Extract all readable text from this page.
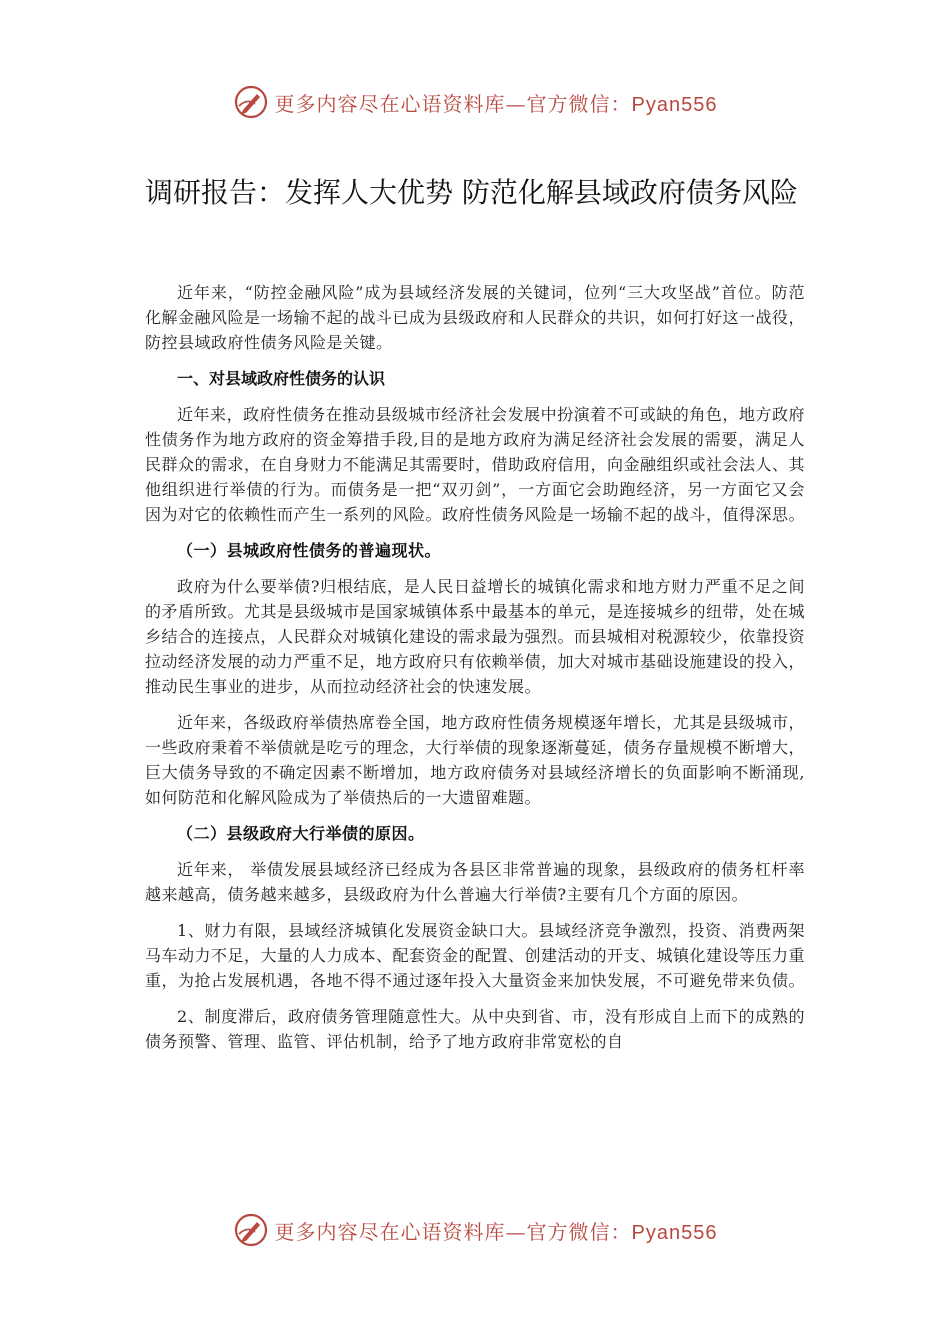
更多内容尽在心语资料库—官方微信：Pyan556
调研报告：发挥人大优势 防范化解县域政府债务风险

近年来，“防控金融风险”成为县域经济发展的关键词，位列“三大攻坚战”首位。防范化解金融风险是一场输不起的战斗已成为县级政府和人民群众的共识，如何打好这一战役，防控县域政府性债务风险是关键。

一、对县域政府性债务的认识

近年来，政府性债务在推动县级城市经济社会发展中扮演着不可或缺的角色，地方政府性债务作为地方政府的资金筹措手段,目的是地方政府为满足经济社会发展的需要，满足人民群众的需求，在自身财力不能满足其需要时，借助政府信用，向金融组织或社会法人、其他组织进行举债的行为。而债务是一把“双刃剑”，一方面它会助跑经济，另一方面它又会因为对它的依赖性而产生一系列的风险。政府性债务风险是一场输不起的战斗，值得深思。

（一）县城政府性债务的普遍现状。

政府为什么要举债?归根结底，是人民日益增长的城镇化需求和地方财力严重不足之间的矛盾所致。尤其是县级城市是国家城镇体系中最基本的单元，是连接城乡的纽带，处在城乡结合的连接点，人民群众对城镇化建设的需求最为强烈。而县城相对税源较少，依靠投资拉动经济发展的动力严重不足，地方政府只有依赖举债，加大对城市基础设施建设的投入，推动民生事业的进步，从而拉动经济社会的快速发展。

近年来，各级政府举债热席卷全国，地方政府性债务规模逐年增长，尤其是县级城市，一些政府秉着不举债就是吃亏的理念，大行举债的现象逐渐蔓延，债务存量规模不断增大，巨大债务导致的不确定因素不断增加，地方政府债务对县域经济增长的负面影响不断涌现,如何防范和化解风险成为了举债热后的一大遗留难题。

（二）县级政府大行举债的原因。

近年来， 举债发展县域经济已经成为各县区非常普遍的现象，县级政府的债务杠杆率越来越高，债务越来越多，县级政府为什么普遍大行举债?主要有几个方面的原因。

1、财力有限，县域经济城镇化发展资金缺口大。县域经济竞争激烈，投资、消费两架马车动力不足，大量的人力成本、配套资金的配置、创建活动的开支、城镇化建设等压力重重，为抢占发展机遇，各地不得不通过逐年投入大量资金来加快发展，不可避免带来负债。

2、制度滞后，政府债务管理随意性大。从中央到省、市，没有形成自上而下的成熟的债务预警、管理、监管、评估机制，给予了地方政府非常宽松的自

更多内容尽在心语资料库—官方微信：Pyan556
